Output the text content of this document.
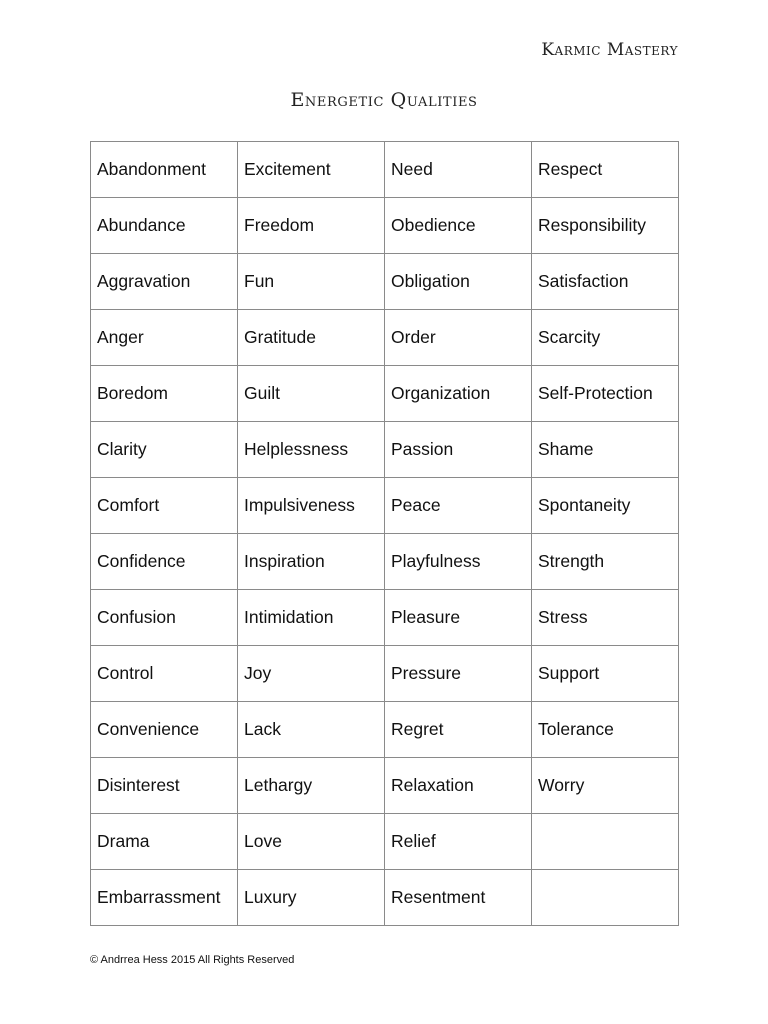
Karmic Mastery
Energetic Qualities
Abandonment	Excitement	Need	Respect
Abundance	Freedom	Obedience	Responsibility
Aggravation	Fun	Obligation	Satisfaction
Anger	Gratitude	Order	Scarcity
Boredom	Guilt	Organization	Self-Protection
Clarity	Helplessness	Passion	Shame
Comfort	Impulsiveness	Peace	Spontaneity
Confidence	Inspiration	Playfulness	Strength
Confusion	Intimidation	Pleasure	Stress
Control	Joy	Pressure	Support
Convenience	Lack	Regret	Tolerance
Disinterest	Lethargy	Relaxation	Worry
Drama	Love	Relief	
Embarrassment	Luxury	Resentment	
© Andrrea Hess 2015 All Rights Reserved
